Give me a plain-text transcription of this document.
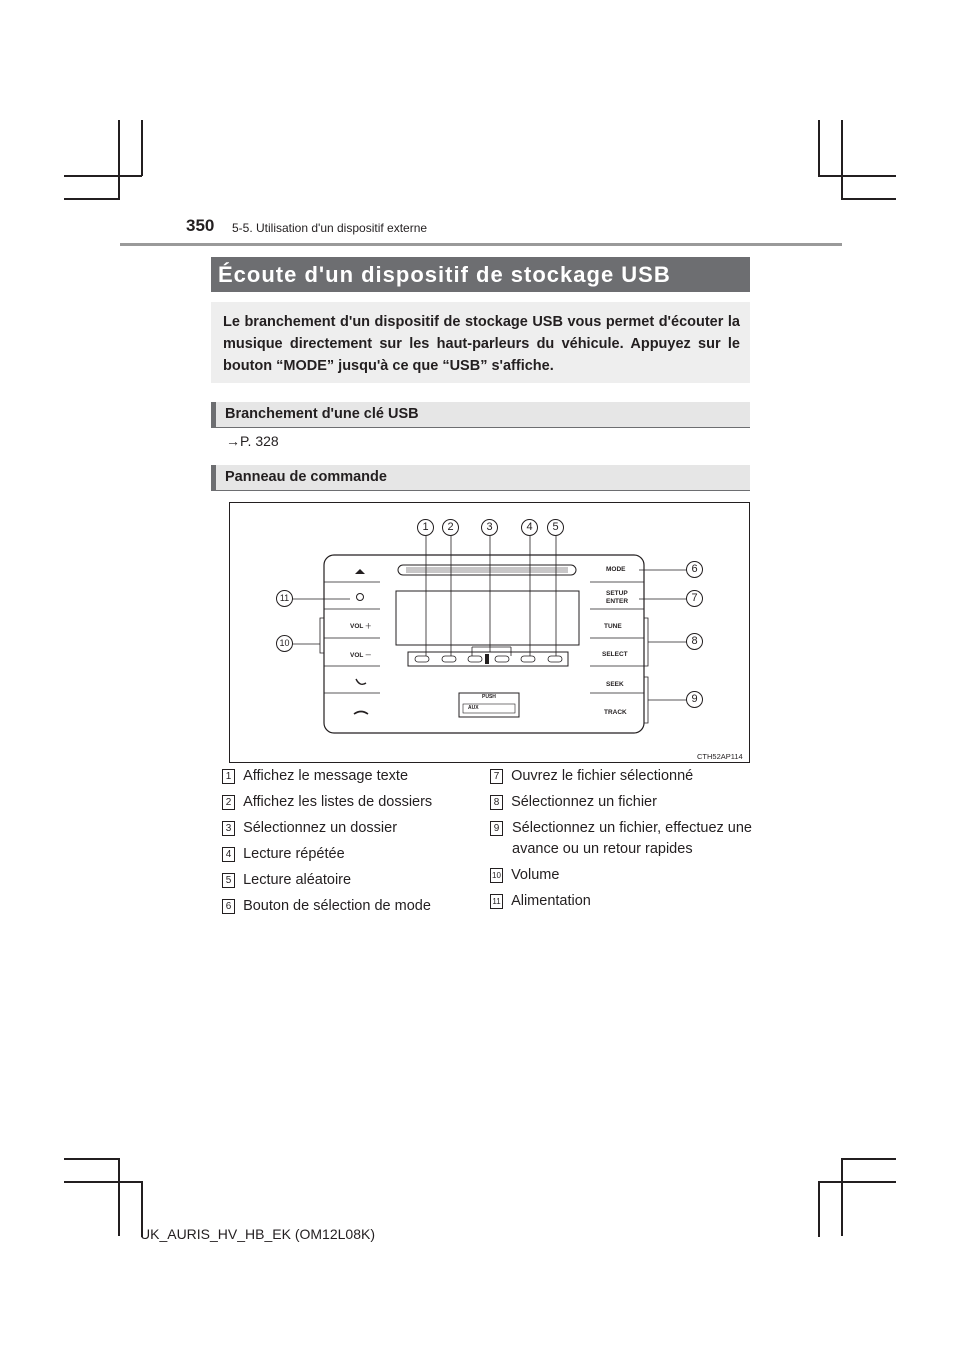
350 5-5. Utilisation d'un dispositif externe
Écoute d'un dispositif de stockage USB
Le branchement d'un dispositif de stockage USB vous permet d'écouter la musique directement sur les haut-parleurs du véhicule. Appuyez sur le bouton “MODE” jusqu'à ce que “USB” s'affiche.
Branchement d'une clé USB
→P. 328
Panneau de commande
MODE
SETUP
ENTER
TUNE
SELECT
SEEK
TRACK
VOL ＋
VOL －
PUSH
AUX
1	2	3	4	5
6
7
8
9
10
11
CTH52AP114
1 Affichez le message texte
2 Affichez les listes de dossiers
3 Sélectionnez un dossier
4 Lecture répétée
5 Lecture aléatoire
6 Bouton de sélection de mode
7 Ouvrez le fichier sélectionné
8 Sélectionnez un fichier
9 Sélectionnez un fichier, effectuez une avance ou un retour rapides
10 Volume
11 Alimentation
UK_AURIS_HV_HB_EK (OM12L08K)
